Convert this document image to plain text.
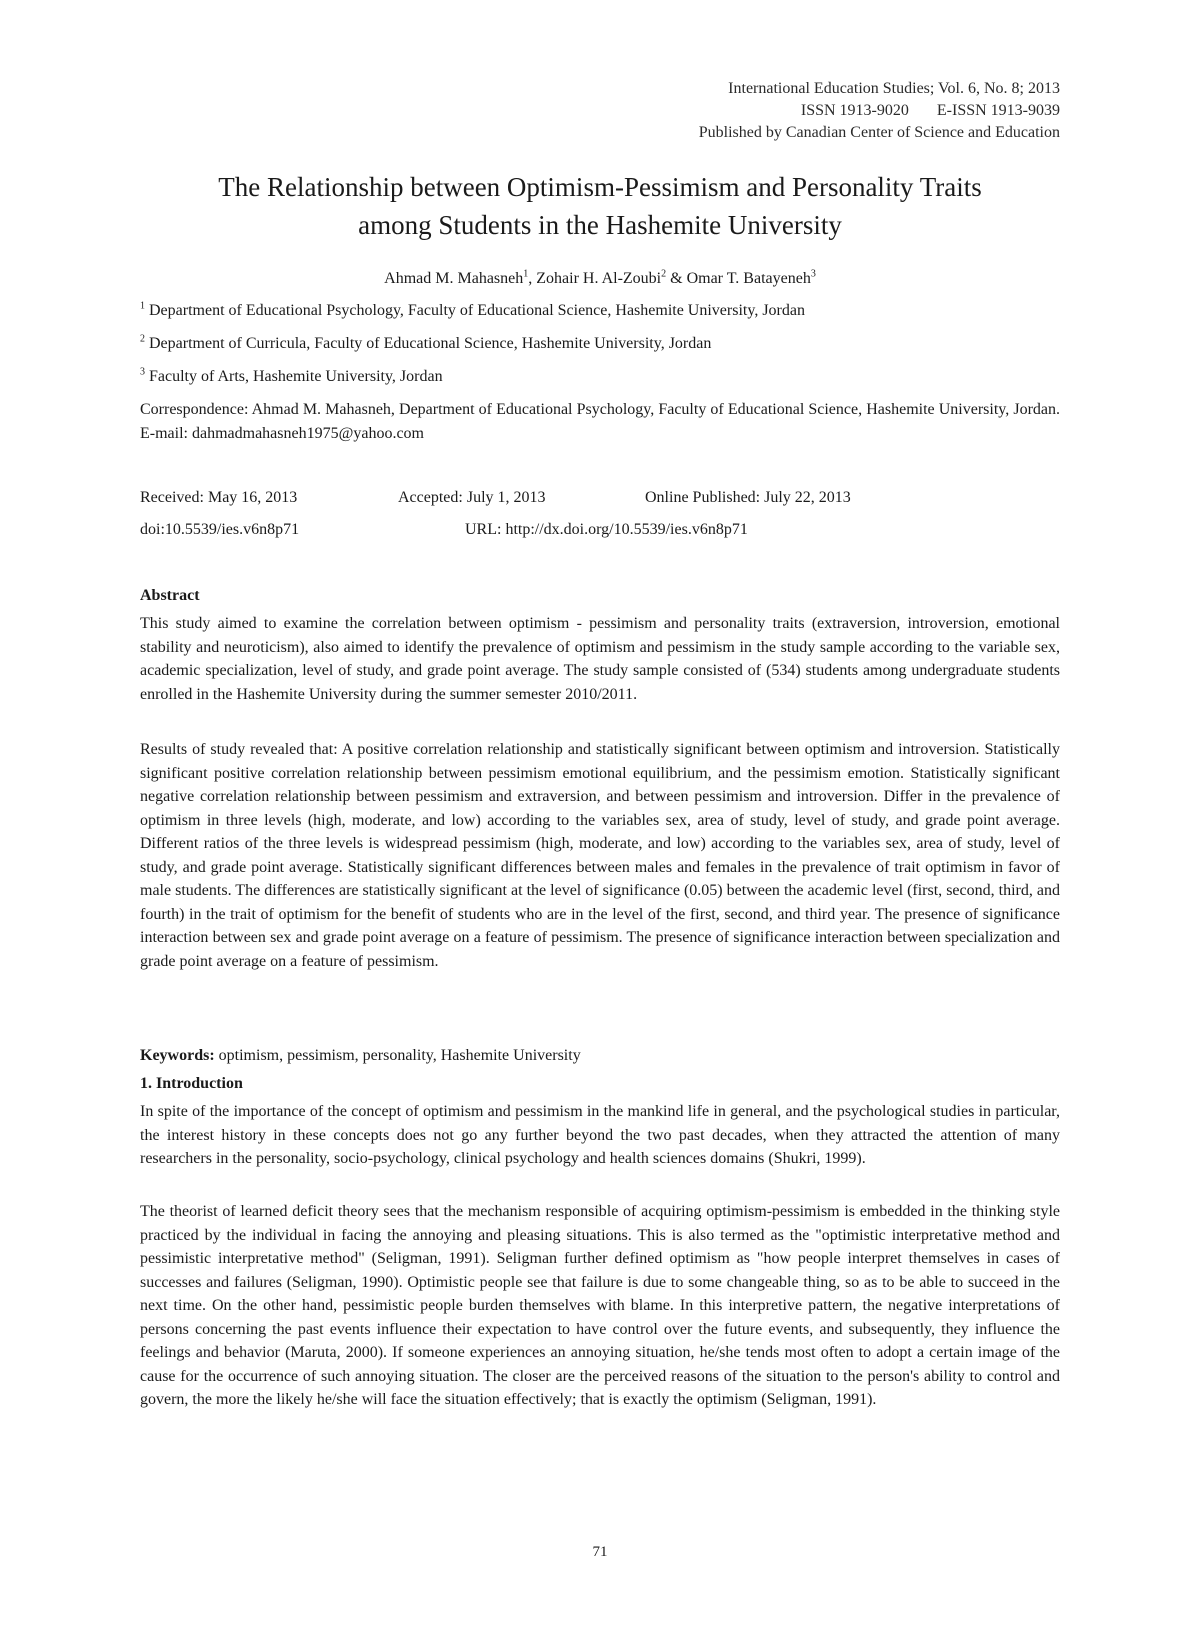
International Education Studies; Vol. 6, No. 8; 2013
ISSN 1913-9020 E-ISSN 1913-9039
Published by Canadian Center of Science and Education
The Relationship between Optimism-Pessimism and Personality Traits
among Students in the Hashemite University
Ahmad M. Mahasneh$^1$, Zohair H. Al-Zoubi$^2$ & Omar T. Batayeneh$^3$
$^1$ Department of Educational Psychology, Faculty of Educational Science, Hashemite University, Jordan
$^2$ Department of Curricula, Faculty of Educational Science, Hashemite University, Jordan
$^3$ Faculty of Arts, Hashemite University, Jordan
Correspondence: Ahmad M. Mahasneh, Department of Educational Psychology, Faculty of Educational Science, Hashemite University, Jordan. E-mail: dahmadmahasneh1975@yahoo.com
Received: May 16, 2013	Accepted: July 1, 2013	Online Published: July 22, 2013
doi:10.5539/ies.v6n8p71	URL: http://dx.doi.org/10.5539/ies.v6n8p71
Abstract

This study aimed to examine the correlation between optimism - pessimism and personality traits (extraversion, introversion, emotional stability and neuroticism), also aimed to identify the prevalence of optimism and pessimism in the study sample according to the variable sex, academic specialization, level of study, and grade point average. The study sample consisted of (534) students among undergraduate students enrolled in the Hashemite University during the summer semester 2010/2011.

Results of study revealed that: A positive correlation relationship and statistically significant between optimism and introversion. Statistically significant positive correlation relationship between pessimism emotional equilibrium, and the pessimism emotion. Statistically significant negative correlation relationship between pessimism and extraversion, and between pessimism and introversion. Differ in the prevalence of optimism in three levels (high, moderate, and low) according to the variables sex, area of study, level of study, and grade point average. Different ratios of the three levels is widespread pessimism (high, moderate, and low) according to the variables sex, area of study, level of study, and grade point average. Statistically significant differences between males and females in the prevalence of trait optimism in favor of male students. The differences are statistically significant at the level of significance (0.05) between the academic level (first, second, third, and fourth) in the trait of optimism for the benefit of students who are in the level of the first, second, and third year. The presence of significance interaction between sex and grade point average on a feature of pessimism. The presence of significance interaction between specialization and grade point average on a feature of pessimism.

Keywords: optimism, pessimism, personality, Hashemite University

1. Introduction

In spite of the importance of the concept of optimism and pessimism in the mankind life in general, and the psychological studies in particular, the interest history in these concepts does not go any further beyond the two past decades, when they attracted the attention of many researchers in the personality, socio-psychology, clinical psychology and health sciences domains (Shukri, 1999).

The theorist of learned deficit theory sees that the mechanism responsible of acquiring optimism-pessimism is embedded in the thinking style practiced by the individual in facing the annoying and pleasing situations. This is also termed as the "optimistic interpretative method and pessimistic interpretative method" (Seligman, 1991). Seligman further defined optimism as "how people interpret themselves in cases of successes and failures (Seligman, 1990). Optimistic people see that failure is due to some changeable thing, so as to be able to succeed in the next time. On the other hand, pessimistic people burden themselves with blame. In this interpretive pattern, the negative interpretations of persons concerning the past events influence their expectation to have control over the future events, and subsequently, they influence the feelings and behavior (Maruta, 2000). If someone experiences an annoying situation, he/she tends most often to adopt a certain image of the cause for the occurrence of such annoying situation. The closer are the perceived reasons of the situation to the person's ability to control and govern, the more the likely he/she will face the situation effectively; that is exactly the optimism (Seligman, 1991).

71
